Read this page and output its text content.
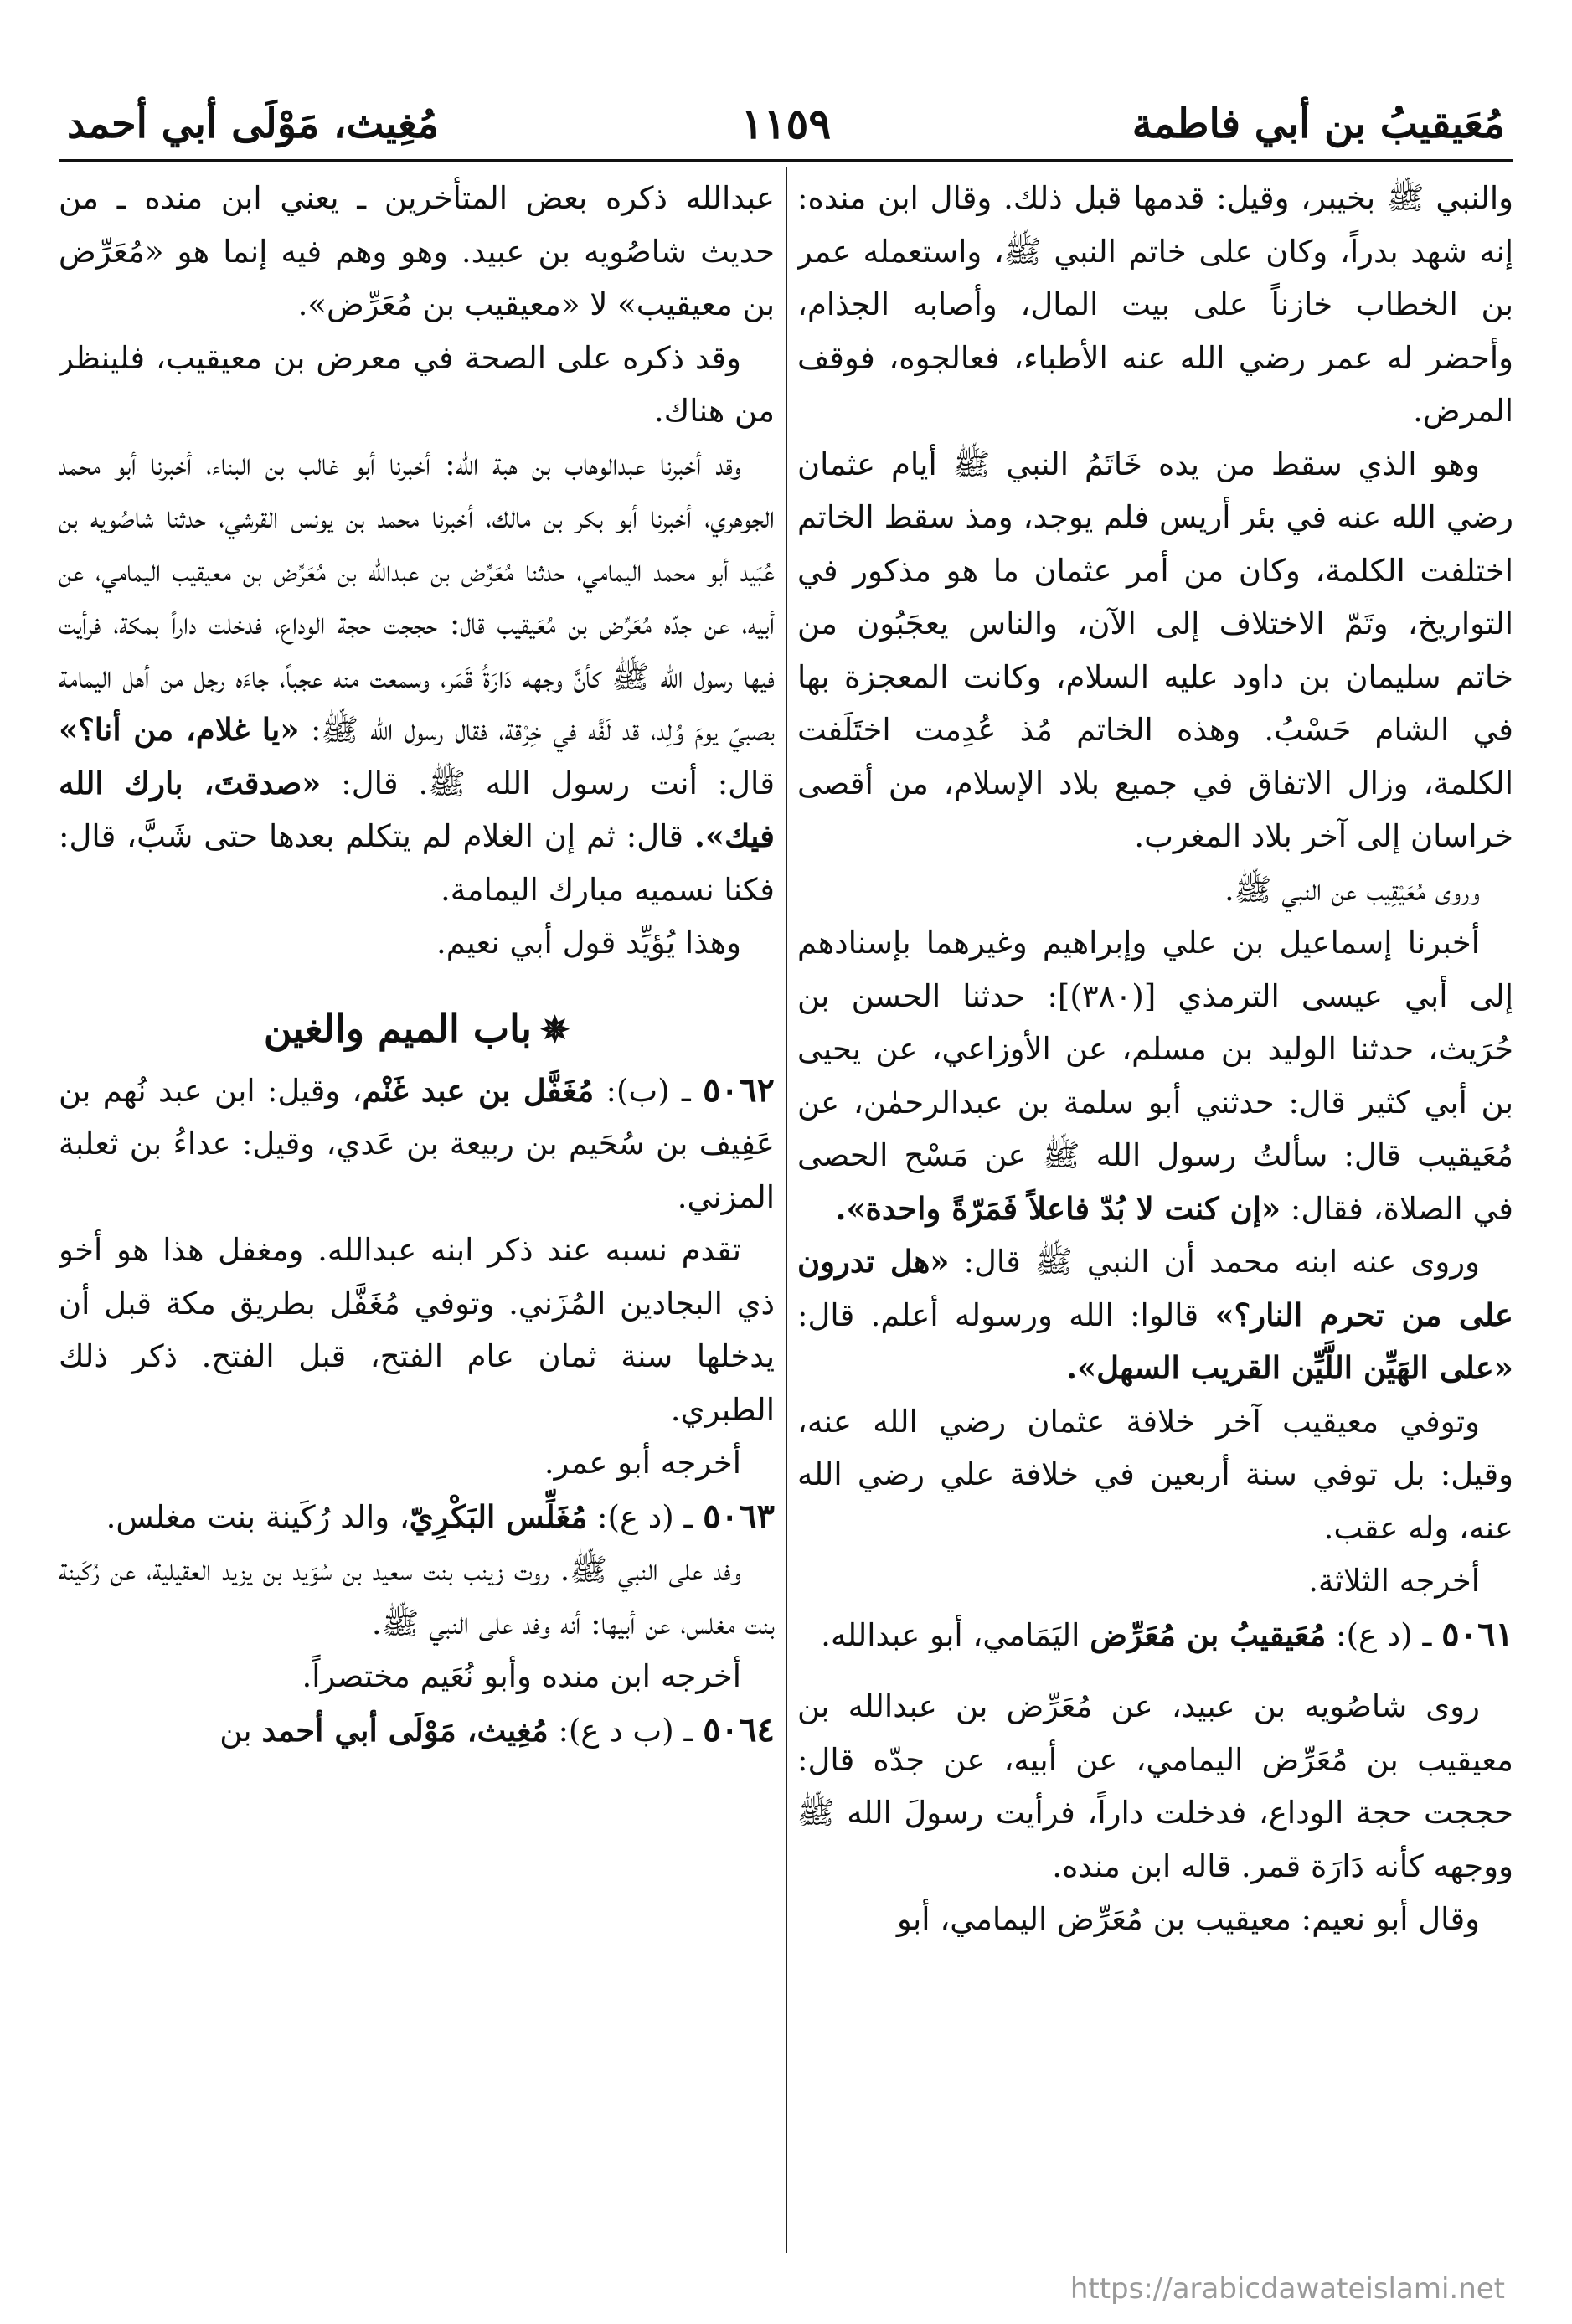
مُعَيقيبُ بن أبي فاطمة
١١٥٩
مُغِيث، مَوْلَى أبي أحمد

والنبي ﷺ بخيبر، وقيل: قدمها قبل ذلك. وقال ابن منده: إنه شهد بدراً، وكان على خاتم النبي ﷺ، واستعمله عمر بن الخطاب خازناً على بيت المال، وأصابه الجذام، وأحضر له عمر رضي الله عنه الأطباء، فعالجوه، فوقف المرض.

وهو الذي سقط من يده خَاتَمُ النبي ﷺ أيام عثمان رضي الله عنه في بئر أريس فلم يوجد، ومذ سقط الخاتم اختلفت الكلمة، وكان من أمر عثمان ما هو مذكور في التواريخ، وتَمّ الاختلاف إلى الآن، والناس يعجَبُون من خاتم سليمان بن داود عليه السلام، وكانت المعجزة بها في الشام حَسْبُ. وهذه الخاتم مُذ عُدِمت اختَلَفت الكلمة، وزال الاتفاق في جميع بلاد الإسلام، من أقصى خراسان إلى آخر بلاد المغرب.

وروى مُعَيْقِيب عن النبي ﷺ.

أخبرنا إسماعيل بن علي وإبراهيم وغيرهما بإسنادهم إلى أبي عيسى الترمذي [(٣٨٠)]: حدثنا الحسن بن حُرَيث، حدثنا الوليد بن مسلم، عن الأوزاعي، عن يحيى بن أبي كثير قال: حدثني أبو سلمة بن عبدالرحمٰن، عن مُعَيقيب قال: سألتُ رسول الله ﷺ عن مَسْح الحصى في الصلاة، فقال: «إن كنت لا بُدّ فاعلاً فَمَرّةً واحدة».

وروى عنه ابنه محمد أن النبي ﷺ قال: «هل تدرون على من تحرم النار؟» قالوا: الله ورسوله أعلم. قال: «على الهَيِّن اللَّيِّن القريب السهل».

وتوفي معيقيب آخر خلافة عثمان رضي الله عنه، وقيل: بل توفي سنة أربعين في خلافة علي رضي الله عنه، وله عقب.

أخرجه الثلاثة.

٥٠٦١ ـ (د ع): مُعَيقيبُ بن مُعَرِّض اليَمَامي، أبو عبدالله.

روى شاصُويه بن عبيد، عن مُعَرِّض بن عبدالله بن معيقيب بن مُعَرِّض اليمامي، عن أبيه، عن جدّه قال: حججت حجة الوداع، فدخلت داراً، فرأيت رسولَ الله ﷺ ووجهه كأنه دَارَة قمر. قاله ابن منده.

وقال أبو نعيم: معيقيب بن مُعَرِّض اليمامي، أبو

عبدالله ذكره بعض المتأخرين ـ يعني ابن منده ـ من حديث شاصُويه بن عبيد. وهو وهم فيه إنما هو «مُعَرِّض بن معيقيب» لا «معيقيب بن مُعَرِّض».

وقد ذكره على الصحة في معرض بن معيقيب، فلينظر من هناك.

وقد أخبرنا عبدالوهاب بن هبة الله: أخبرنا أبو غالب بن البناء، أخبرنا أبو محمد الجوهري، أخبرنا أبو بكر بن مالك، أخبرنا محمد بن يونس القرشي، حدثنا شاصُويه بن عُبَيد أبو محمد اليمامي، حدثنا مُعَرِّض بن عبدالله بن مُعَرِّض بن معيقيب اليمامي، عن أبيه، عن جدّه مُعَرِّض بن مُعَيقيب قال: حججت حجة الوداع، فدخلت داراً بمكة، فرأيت فيها رسول الله ﷺ كأنَّ وجهه دَارَةُ قَمَر، وسمعت منه عجباً، جاءَه رجل من أهل اليمامة بصبيّ يومَ وُلِد، قد لَفَّه في خِرْقة، فقال رسول الله ﷺ: «يا غلام، من أنا؟» قال: أنت رسول الله ﷺ. قال: «صدقتَ، بارك الله فيك». قال: ثم إن الغلام لم يتكلم بعدها حتى شَبَّ، قال: فكنا نسميه مبارك اليمامة.

وهذا يُؤيِّد قول أبي نعيم.

✵باب الميم والغين

٥٠٦٢ ـ (ب): مُغَفَّل بن عبد غَنْم، وقيل: ابن عبد نُهم بن عَفِيف بن سُحَيم بن ربيعة بن عَدي، وقيل: عداءُ بن ثعلبة المزني.

تقدم نسبه عند ذكر ابنه عبدالله. ومغفل هذا هو أخو ذي البجادين المُزَني. وتوفي مُغَفَّل بطريق مكة قبل أن يدخلها سنة ثمان عام الفتح، قبل الفتح. ذكر ذلك الطبري.

أخرجه أبو عمر.

٥٠٦٣ ـ (د ع): مُغَلِّس البَكْرِيّ، والد رُكَينة بنت مغلس.

وفد على النبي ﷺ. روت زينب بنت سعيد بن سُوَيد بن يزيد العقيلية، عن رُكَينة بنت مغلس، عن أبيها: أنه وفد على النبي ﷺ.

أخرجه ابن منده وأبو نُعَيم مختصراً.

٥٠٦٤ ـ (ب د ع): مُغِيث، مَوْلَى أبي أحمد بن

https://arabicdawateislami.net
